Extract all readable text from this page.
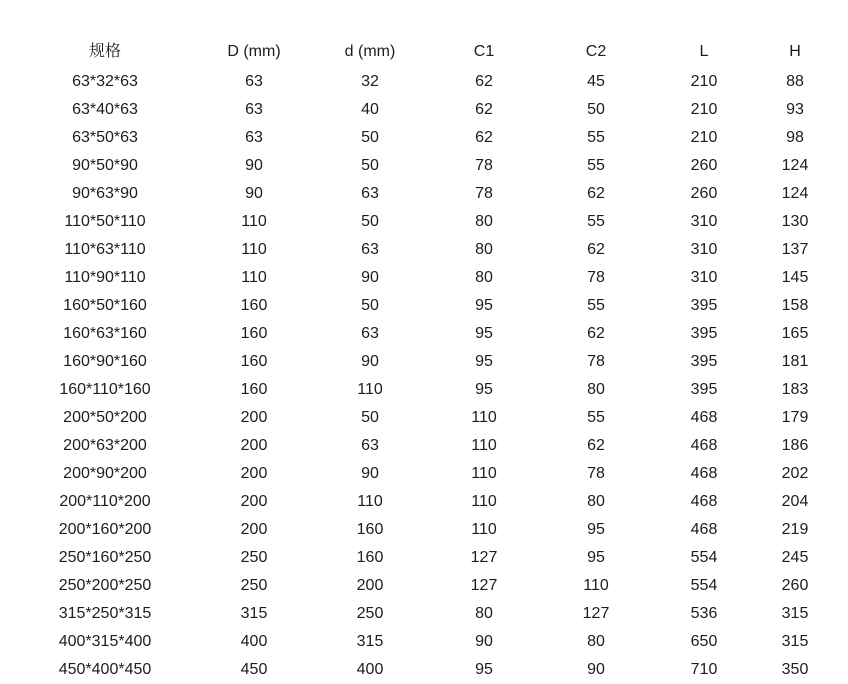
规格	D (mm)	d (mm)	C1	C2	L	H
63*32*63	63	32	62	45	210	88
63*40*63	63	40	62	50	210	93
63*50*63	63	50	62	55	210	98
90*50*90	90	50	78	55	260	124
90*63*90	90	63	78	62	260	124
110*50*110	110	50	80	55	310	130
110*63*110	110	63	80	62	310	137
110*90*110	110	90	80	78	310	145
160*50*160	160	50	95	55	395	158
160*63*160	160	63	95	62	395	165
160*90*160	160	90	95	78	395	181
160*110*160	160	110	95	80	395	183
200*50*200	200	50	110	55	468	179
200*63*200	200	63	110	62	468	186
200*90*200	200	90	110	78	468	202
200*110*200	200	110	110	80	468	204
200*160*200	200	160	110	95	468	219
250*160*250	250	160	127	95	554	245
250*200*250	250	200	127	110	554	260
315*250*315	315	250	80	127	536	315
400*315*400	400	315	90	80	650	315
450*400*450	450	400	95	90	710	350
